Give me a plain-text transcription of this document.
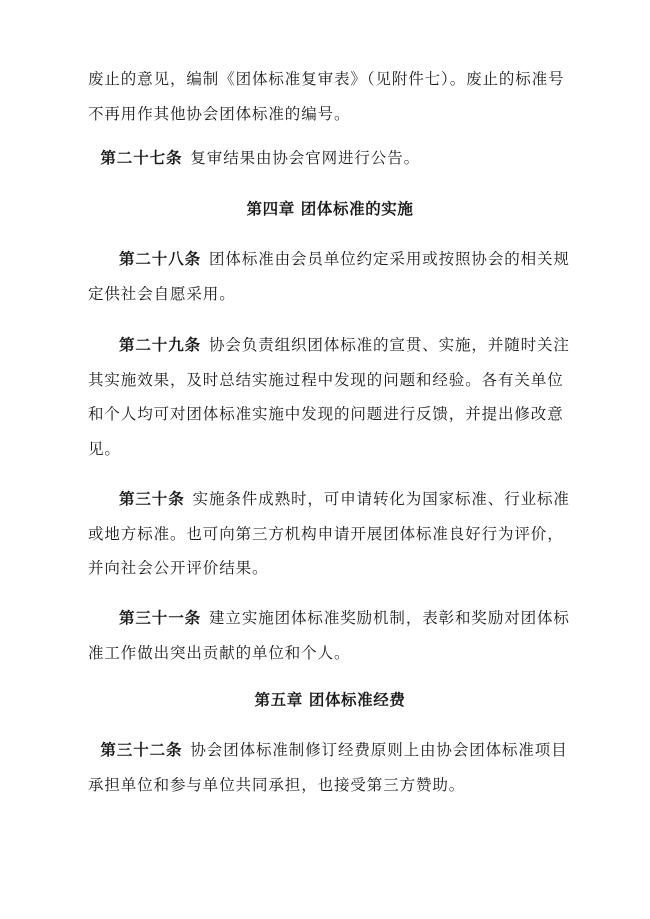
废止的意见，编制《团体标准复审表》（见附件七）。废止的标准号不再用作其他协会团体标准的编号。

第二十七条 复审结果由协会官网进行公告。

第四章 团体标准的实施

第二十八条 团体标准由会员单位约定采用或按照协会的相关规定供社会自愿采用。

第二十九条 协会负责组织团体标准的宣贯、实施，并随时关注其实施效果，及时总结实施过程中发现的问题和经验。各有关单位和个人均可对团体标准实施中发现的问题进行反馈，并提出修改意见。

第三十条 实施条件成熟时，可申请转化为国家标准、行业标准或地方标准。也可向第三方机构申请开展团体标准良好行为评价，并向社会公开评价结果。

第三十一条 建立实施团体标准奖励机制，表彰和奖励对团体标准工作做出突出贡献的单位和个人。

第五章 团体标准经费

第三十二条 协会团体标准制修订经费原则上由协会团体标准项目承担单位和参与单位共同承担，也接受第三方赞助。
